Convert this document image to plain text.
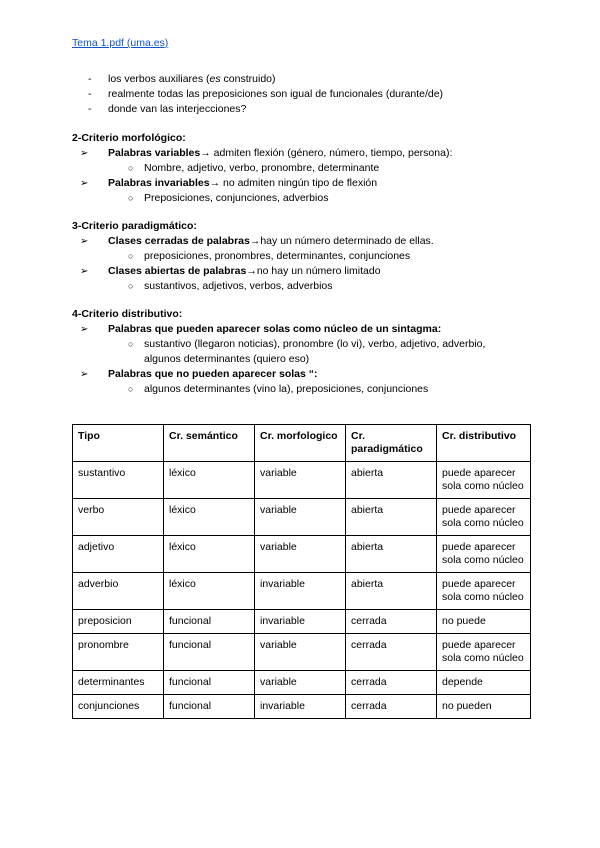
Tema 1.pdf (uma.es)
- los verbos auxiliares (es construido)
- realmente todas las preposiciones son igual de funcionales (durante/de)
- donde van las interjecciones?
2-Criterio morfológico:
➢ Palabras variables→ admiten flexión (género, número, tiempo, persona):
○ Nombre, adjetivo, verbo, pronombre, determinante
➢ Palabras invariables→ no admiten ningún tipo de flexión
○ Preposiciones, conjunciones, adverbios
3-Criterio paradigmático:
➢ Clases cerradas de palabras→hay un número determinado de ellas.
○ preposiciones, pronombres, determinantes, conjunciones
➢ Clases abiertas de palabras→no hay un número limitado
○ sustantivos, adjetivos, verbos, adverbios
4-Criterio distributivo:
➢ Palabras que pueden aparecer solas como núcleo de un sintagma:
○ sustantivo (llegaron noticias), pronombre (lo vi), verbo, adjetivo, adverbio, algunos determinantes (quiero eso)
➢ Palabras que no pueden aparecer solas “:
○ algunos determinantes (vino la), preposiciones, conjunciones
Tipo	Cr. semántico	Cr. morfologico	Cr. paradigmático	Cr. distributivo
sustantivo	léxico	variable	abierta	puede aparecer sola como núcleo
verbo	léxico	variable	abierta	puede aparecer sola como núcleo
adjetivo	léxico	variable	abierta	puede aparecer sola como núcleo
adverbio	léxico	invariable	abierta	puede aparecer sola como núcleo
preposicion	funcional	invariable	cerrada	no puede
pronombre	funcional	variable	cerrada	puede aparecer sola como núcleo
determinantes	funcional	variable	cerrada	depende
conjunciones	funcional	invariable	cerrada	no pueden
